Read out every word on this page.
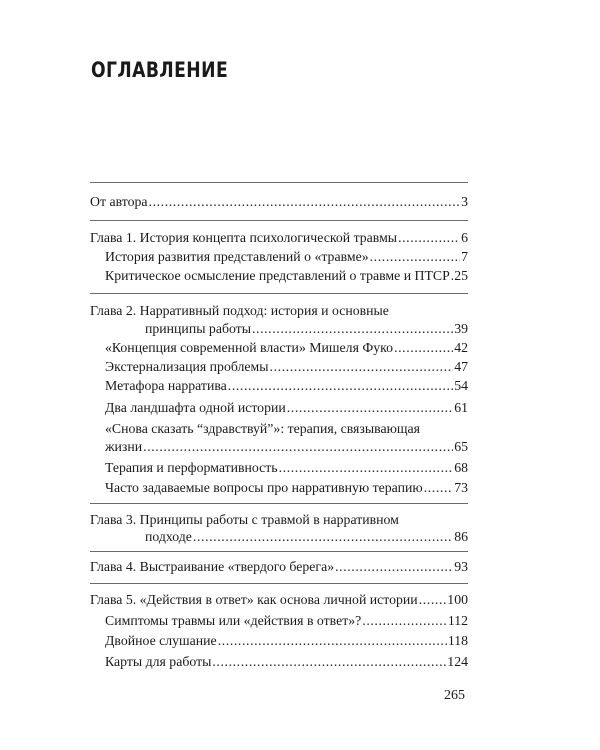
ОГЛАВЛЕНИЕ
От автора .....	3
Глава 1. История концепта психологической травмы .....	6
История развития представлений о «травме» .....	7
Критическое осмысление представлений о травме и ПТСР ..... 25
Глава 2. Нарративный подход: история и основные
принципы работы .....	39
«Концепция современной власти» Мишеля Фуко .....	42
Экстернализация проблемы .....	47
Метафора нарратива .....	54
Два ландшафта одной истории .....	61
«Снова сказать “здравствуй”»: терапия, связывающая
жизни .....	65
Терапия и перформативность .....	68
Часто задаваемые вопросы про нарративную терапию ..... 73
Глава 3. Принципы работы с травмой в нарративном
подходе .....	86
Глава 4. Выстраивание «твердого берега» .....	93
Глава 5. «Действия в ответ» как основа личной истории ..... 100
Симптомы травмы или «действия в ответ»? .....	112
Двойное слушание .....	118
Карты для работы .....	124
265
